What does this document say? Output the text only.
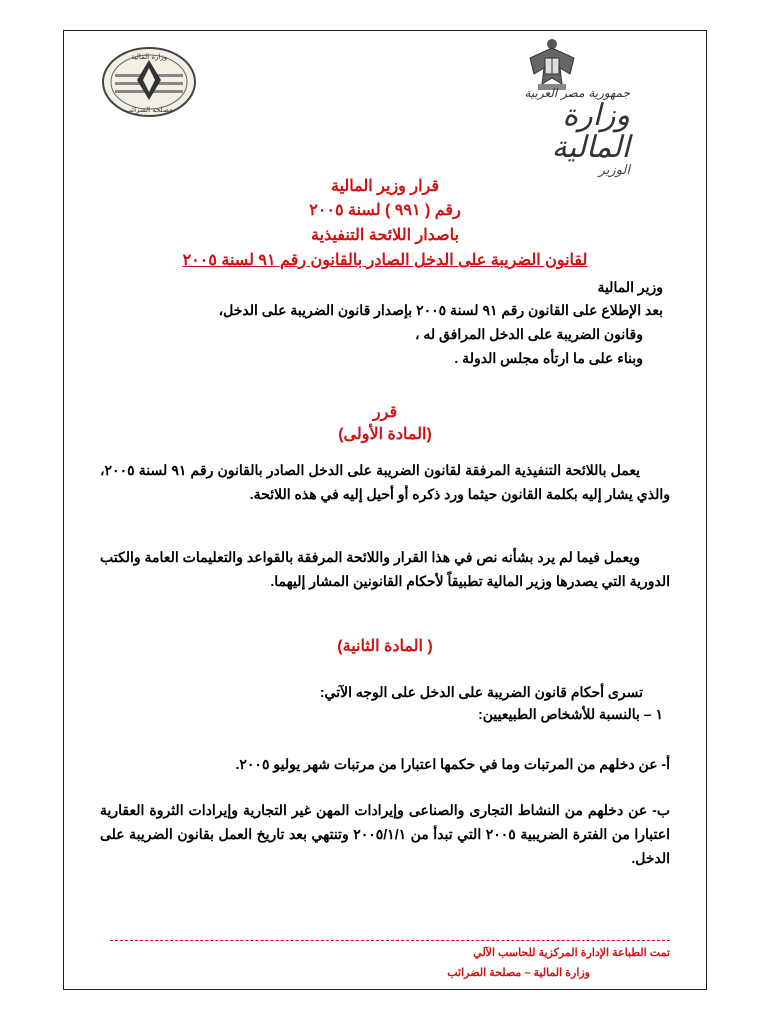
وزارة المالية
مصلحة الضرائب
جمهورية مصر العربية
وزارة المالية
الوزير
قرار وزير المالية
رقم ( ٩٩١ ) لسنة ٢٠٠٥
باصدار اللائحة التنفيذية
لقانون الضريبة على الدخل الصادر بالقانون رقم ٩١ لسنة ٢٠٠٥
وزير المالية
بعد الإطلاع على القانون رقم ٩١ لسنة ٢٠٠٥ بإصدار قانون الضريبة على الدخل،
وقانون الضريبة على الدخل المرافق له ،
وبناء على ما ارتأه مجلس الدولة .
قرر
(المادة الأولى)

يعمل باللائحة التنفيذية المرفقة لقانون الضريبة على الدخل الصادر بالقانون رقم ٩١ لسنة ٢٠٠٥، والذي يشار إليه بكلمة القانون حيثما ورد ذكره أو أحيل إليه في هذه اللائحة.

ويعمل فيما لم يرد بشأنه نص في هذا القرار واللائحة المرفقة بالقواعد والتعليمات العامة والكتب الدورية التي يصدرها وزير المالية تطبيقاً لأحكام القانونين المشار إليهما.

( المادة الثانية)
تسرى أحكام قانون الضريبة على الدخل على الوجه الآتي:
١ – بالنسبة للأشخاص الطبيعيين:

أ- عن دخلهم من المرتبات وما في حكمها اعتبارا من مرتبات شهر يوليو ٢٠٠٥.

ب- عن دخلهم من النشاط التجارى والصناعى وإيرادات المهن غير التجارية وإيرادات الثروة العقارية اعتبارا من الفترة الضريبية ٢٠٠٥ التي تبدأ من ٢٠٠٥/١/١ وتنتهي بعد تاريخ العمل بقانون الضريبة على الدخل.

تمت الطباعة الإدارة المركزية للحاسب الآلي
وزارة المالية – مصلحة الضرائب
